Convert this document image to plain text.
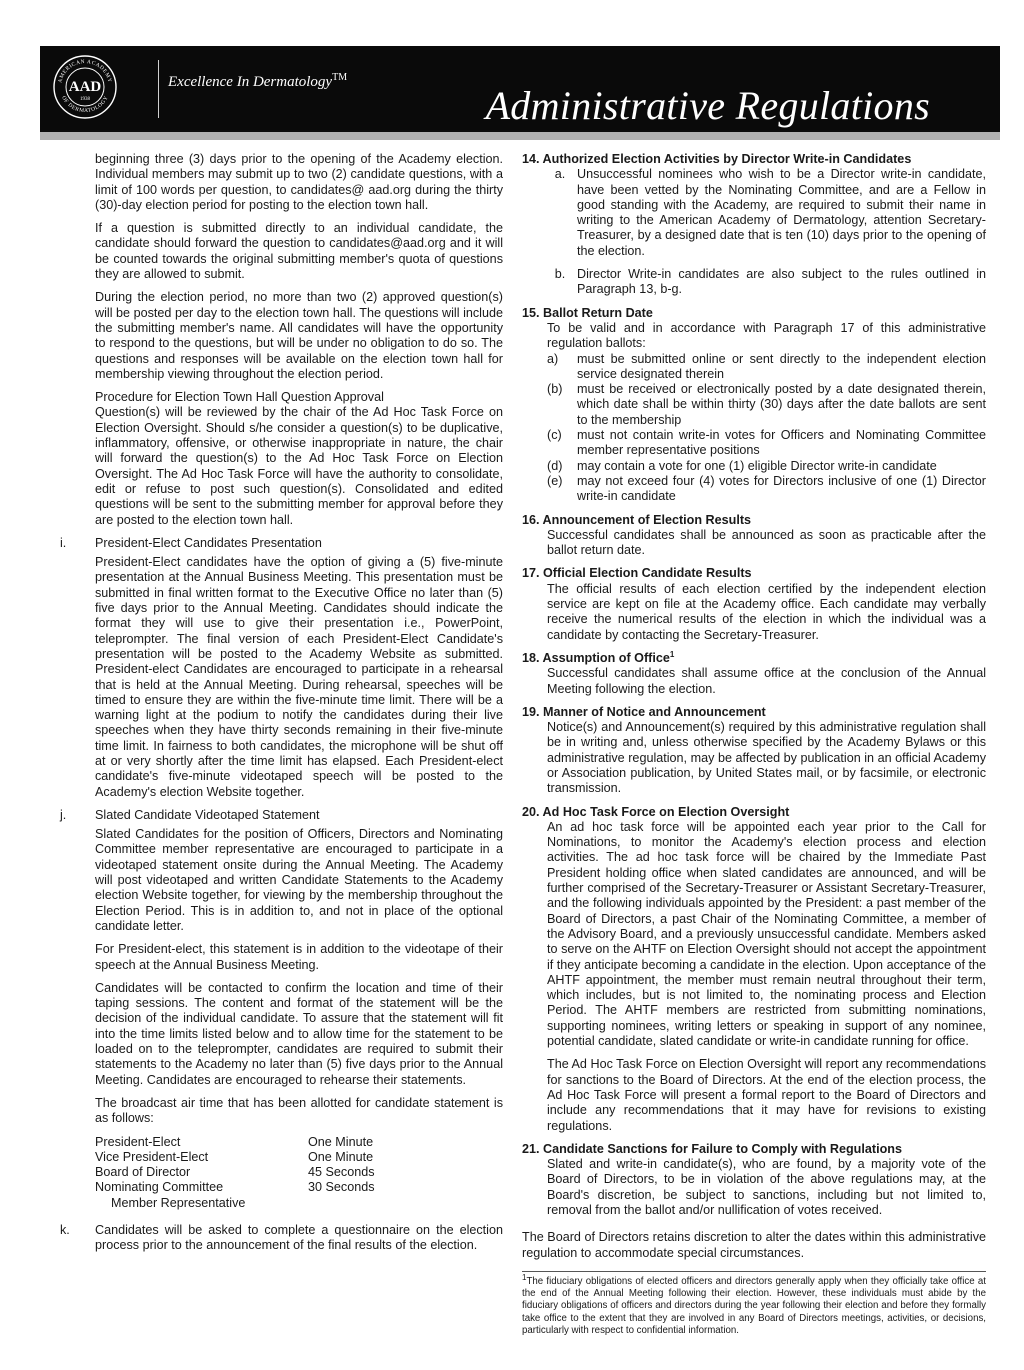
AMERICAN ACADEMY
OF DERMATOLOGY
AAD
1938
Excellence In Dermatology™
Administrative Regulations

beginning three (3) days prior to the opening of the Academy election. Individual members may submit up to two (2) candidate questions, with a limit of 100 words per question, to candidates@ aad.org during the thirty (30)-day election period for posting to the election town hall.

If a question is submitted directly to an individual candidate, the candidate should forward the question to candidates@aad.org and it will be counted towards the original submitting member's quota of questions they are allowed to submit.

During the election period, no more than two (2) approved question(s) will be posted per day to the election town hall. The questions will include the submitting member's name. All candidates will have the opportunity to respond to the questions, but will be under no obligation to do so. The questions and responses will be available on the election town hall for membership viewing throughout the election period.

Procedure for Election Town Hall Question Approval

Question(s) will be reviewed by the chair of the Ad Hoc Task Force on Election Oversight. Should s/he consider a question(s) to be duplicative, inflammatory, offensive, or otherwise inappropriate in nature, the chair will forward the question(s) to the Ad Hoc Task Force on Election Oversight. The Ad Hoc Task Force will have the authority to consolidate, edit or refuse to post such question(s). Consolidated and edited questions will be sent to the submitting member for approval before they are posted to the election town hall.

i.	President-Elect Candidates Presentation

President-Elect candidates have the option of giving a (5) five-minute presentation at the Annual Business Meeting. This presentation must be submitted in final written format to the Executive Office no later than (5) five days prior to the Annual Meeting. Candidates should indicate the format they will use to give their presentation i.e., PowerPoint, teleprompter. The final version of each President-Elect Candidate's presentation will be posted to the Academy Website as submitted. President-elect Candidates are encouraged to participate in a rehearsal that is held at the Annual Meeting. During rehearsal, speeches will be timed to ensure they are within the five-minute time limit. There will be a warning light at the podium to notify the candidates during their live speeches when they have thirty seconds remaining in their five-minute time limit. In fairness to both candidates, the microphone will be shut off at or very shortly after the time limit has elapsed. Each President-elect candidate's five-minute videotaped speech will be posted to the Academy's election Website together.

j.	Slated Candidate Videotaped Statement

Slated Candidates for the position of Officers, Directors and Nominating Committee member representative are encouraged to participate in a videotaped statement onsite during the Annual Meeting. The Academy will post videotaped and written Candidate Statements to the Academy election Website together, for viewing by the membership throughout the Election Period. This is in addition to, and not in place of the optional candidate letter.

For President-elect, this statement is in addition to the videotape of their speech at the Annual Business Meeting.

Candidates will be contacted to confirm the location and time of their taping sessions. The content and format of the statement will be the decision of the individual candidate. To assure that the statement will fit into the time limits listed below and to allow time for the statement to be loaded on to the teleprompter, candidates are required to submit their statements to the Academy no later than (5) five days prior to the Annual Meeting. Candidates are encouraged to rehearse their statements.

The broadcast air time that has been allotted for candidate statement is as follows:

President-Elect	One Minute
Vice President-Elect	One Minute
Board of Director	45 Seconds
Nominating Committee	30 Seconds
Member Representative
k.	Candidates will be asked to complete a questionnaire on the election process prior to the announcement of the final results of the election.
14. Authorized Election Activities by Director Write-in Candidates
a. Unsuccessful nominees who wish to be a Director write-in candidate, have been vetted by the Nominating Committee, and are a Fellow in good standing with the Academy, are required to submit their name in writing to the American Academy of Dermatology, attention Secretary-Treasurer, by a designed date that is ten (10) days prior to the opening of the election.
b. Director Write-in candidates are also subject to the rules outlined in Paragraph 13, b-g.
15. Ballot Return Date

To be valid and in accordance with Paragraph 17 of this administrative regulation ballots:

a)	must be submitted online or sent directly to the independent election service designated therein
(b)	must be received or electronically posted by a date designated therein, which date shall be within thirty (30) days after the date ballots are sent to the membership
(c)	must not contain write-in votes for Officers and Nominating Committee member representative positions
(d)	may contain a vote for one (1) eligible Director write-in candidate
(e)	may not exceed four (4) votes for Directors inclusive of one (1) Director write-in candidate
16. Announcement of Election Results

Successful candidates shall be announced as soon as practicable after the ballot return date.

17. Official Election Candidate Results

The official results of each election certified by the independent election service are kept on file at the Academy office. Each candidate may verbally receive the numerical results of the election in which the individual was a candidate by contacting the Secretary-Treasurer.

18. Assumption of Office$^1$

Successful candidates shall assume office at the conclusion of the Annual Meeting following the election.

19. Manner of Notice and Announcement

Notice(s) and Announcement(s) required by this administrative regulation shall be in writing and, unless otherwise specified by the Academy Bylaws or this administrative regulation, may be affected by publication in an official Academy or Association publication, by United States mail, or by facsimile, or electronic transmission.

20. Ad Hoc Task Force on Election Oversight

An ad hoc task force will be appointed each year prior to the Call for Nominations, to monitor the Academy's election process and election activities. The ad hoc task force will be chaired by the Immediate Past President holding office when slated candidates are announced, and will be further comprised of the Secretary-Treasurer or Assistant Secretary-Treasurer, and the following individuals appointed by the President: a past member of the Board of Directors, a past Chair of the Nominating Committee, a member of the Advisory Board, and a previously unsuccessful candidate. Members asked to serve on the AHTF on Election Oversight should not accept the appointment if they anticipate becoming a candidate in the election. Upon acceptance of the AHTF appointment, the member must remain neutral throughout their term, which includes, but is not limited to, the nominating process and Election Period. The AHTF members are restricted from submitting nominations, supporting nominees, writing letters or speaking in support of any nominee, potential candidate, slated candidate or write-in candidate running for office.

The Ad Hoc Task Force on Election Oversight will report any recommendations for sanctions to the Board of Directors. At the end of the election process, the Ad Hoc Task Force will present a formal report to the Board of Directors and include any recommendations that it may have for revisions to existing regulations.

21. Candidate Sanctions for Failure to Comply with Regulations

Slated and write-in candidate(s), who are found, by a majority vote of the Board of Directors, to be in violation of the above regulations may, at the Board's discretion, be subject to sanctions, including but not limited to, removal from the ballot and/or nullification of votes received.

The Board of Directors retains discretion to alter the dates within this administrative regulation to accommodate special circumstances.

$^1$The fiduciary obligations of elected officers and directors generally apply when they officially take office at the end of the Annual Meeting following their election. However, these individuals must abide by the fiduciary obligations of officers and directors during the year following their election and before they formally take office to the extent that they are involved in any Board of Directors meetings, activities, or decisions, particularly with respect to confidential information.
